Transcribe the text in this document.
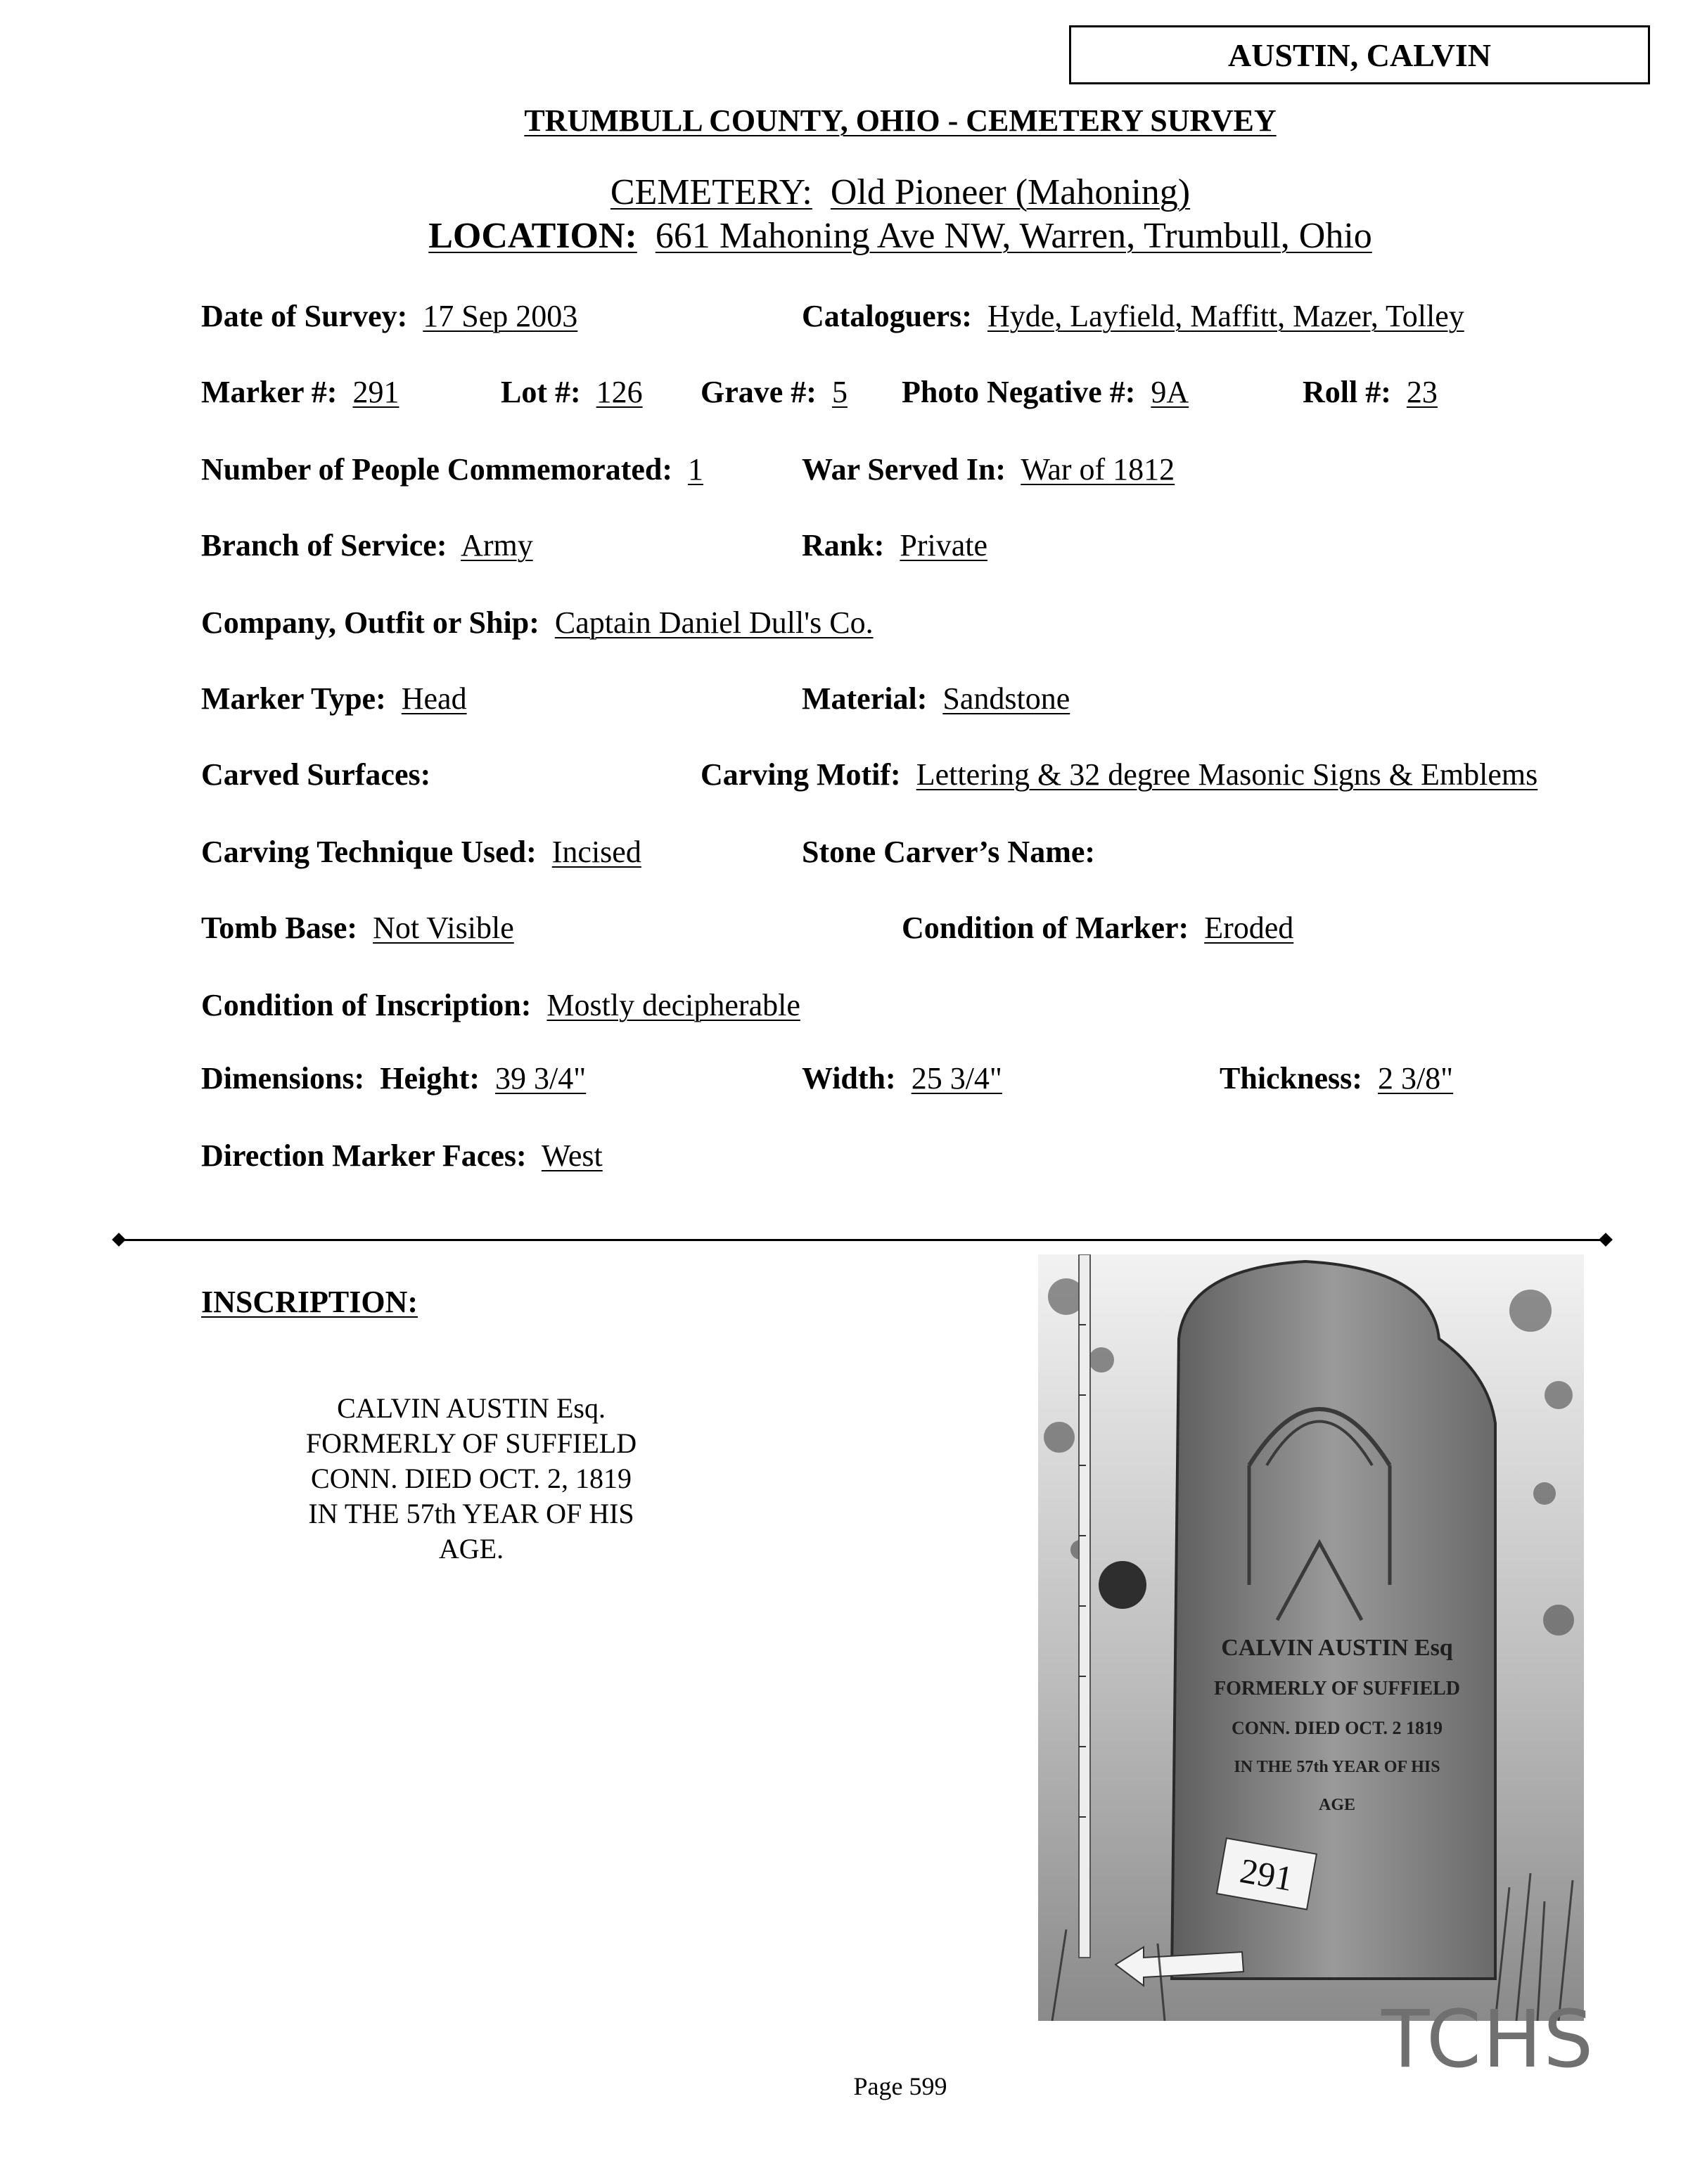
AUSTIN, CALVIN
TRUMBULL COUNTY, OHIO - CEMETERY SURVEY
CEMETERY: Old Pioneer (Mahoning)
LOCATION: 661 Mahoning Ave NW, Warren, Trumbull, Ohio
Date of Survey: 17 Sep 2003	Cataloguers: Hyde, Layfield, Maffitt, Mazer, Tolley
Marker #: 291	Lot #: 126 Grave #: 5 Photo Negative #: 9A	Roll #: 23
Number of People Commemorated: 1	War Served In: War of 1812
Branch of Service: Army	Rank: Private
Company, Outfit or Ship: Captain Daniel Dull's Co.
Marker Type: Head	Material: Sandstone
Carved Surfaces:	Carving Motif: Lettering & 32 degree Masonic Signs & Emblems
Carving Technique Used: Incised	Stone Carver’s Name:
Tomb Base: Not Visible	Condition of Marker: Eroded
Condition of Inscription: Mostly decipherable
Dimensions: Height: 39 3/4"	Width: 25 3/4"	Thickness: 2 3/8"
Direction Marker Faces: West
INSCRIPTION:
CALVIN AUSTIN Esq.
FORMERLY OF SUFFIELD
CONN. DIED OCT. 2, 1819
IN THE 57th YEAR OF HIS
AGE.
CALVIN AUSTIN Esq
FORMERLY OF SUFFIELD
CONN. DIED OCT. 2 1819
IN THE 57th YEAR OF HIS
AGE
291
TCHS
Page 599
